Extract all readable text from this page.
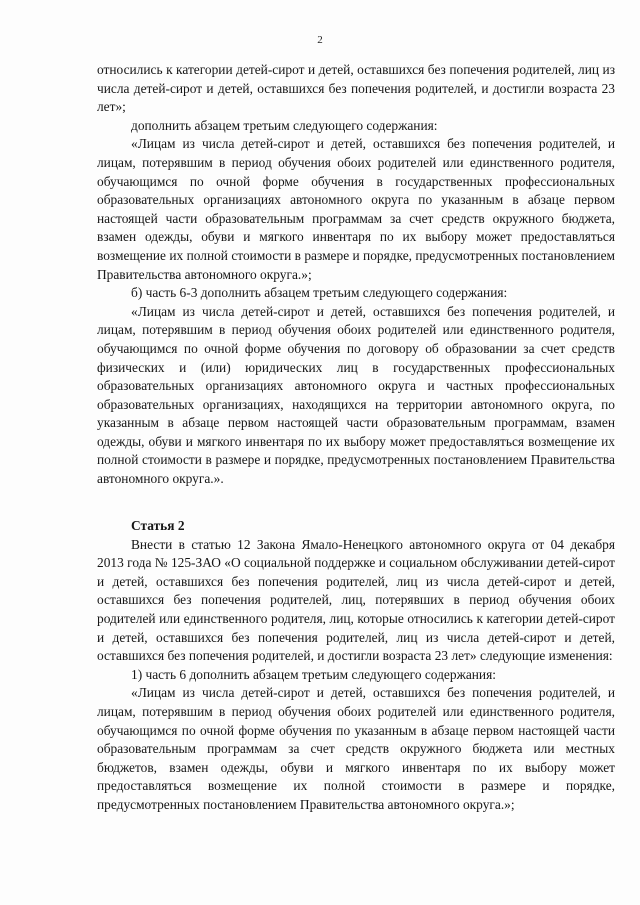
2

относились к категории детей-сирот и детей, оставшихся без попечения родителей, лиц из числа детей-сирот и детей, оставшихся без попечения родителей, и достигли возраста 23 лет»;

дополнить абзацем третьим следующего содержания:

«Лицам из числа детей-сирот и детей, оставшихся без попечения родителей, и лицам, потерявшим в период обучения обоих родителей или единственного родителя, обучающимся по очной форме обучения в государственных профессиональных образовательных организациях автономного округа по указанным в абзаце первом настоящей части образовательным программам за счет средств окружного бюджета, взамен одежды, обуви и мягкого инвентаря по их выбору может предоставляться возмещение их полной стоимости в размере и порядке, предусмотренных постановлением Правительства автономного округа.»;

б) часть 6-3 дополнить абзацем третьим следующего содержания:

«Лицам из числа детей-сирот и детей, оставшихся без попечения родителей, и лицам, потерявшим в период обучения обоих родителей или единственного родителя, обучающимся по очной форме обучения по договору об образовании за счет средств физических и (или) юридических лиц в государственных профессиональных образовательных организациях автономного округа и частных профессиональных образовательных организациях, находящихся на территории автономного округа, по указанным в абзаце первом настоящей части образовательным программам, взамен одежды, обуви и мягкого инвентаря по их выбору может предоставляться возмещение их полной стоимости в размере и порядке, предусмотренных постановлением Правительства автономного округа.».

Статья 2

Внести в статью 12 Закона Ямало-Ненецкого автономного округа от 04 декабря 2013 года № 125-ЗАО «О социальной поддержке и социальном обслуживании детей-сирот и детей, оставшихся без попечения родителей, лиц из числа детей-сирот и детей, оставшихся без попечения родителей, лиц, потерявших в период обучения обоих родителей или единственного родителя, лиц, которые относились к категории детей-сирот и детей, оставшихся без попечения родителей, лиц из числа детей-сирот и детей, оставшихся без попечения родителей, и достигли возраста 23 лет» следующие изменения:

1) часть 6 дополнить абзацем третьим следующего содержания:

«Лицам из числа детей-сирот и детей, оставшихся без попечения родителей, и лицам, потерявшим в период обучения обоих родителей или единственного родителя, обучающимся по очной форме обучения по указанным в абзаце первом настоящей части образовательным программам за счет средств окружного бюджета или местных бюджетов, взамен одежды, обуви и мягкого инвентаря по их выбору может предоставляться возмещение их полной стоимости в размере и порядке, предусмотренных постановлением Правительства автономного округа.»;
